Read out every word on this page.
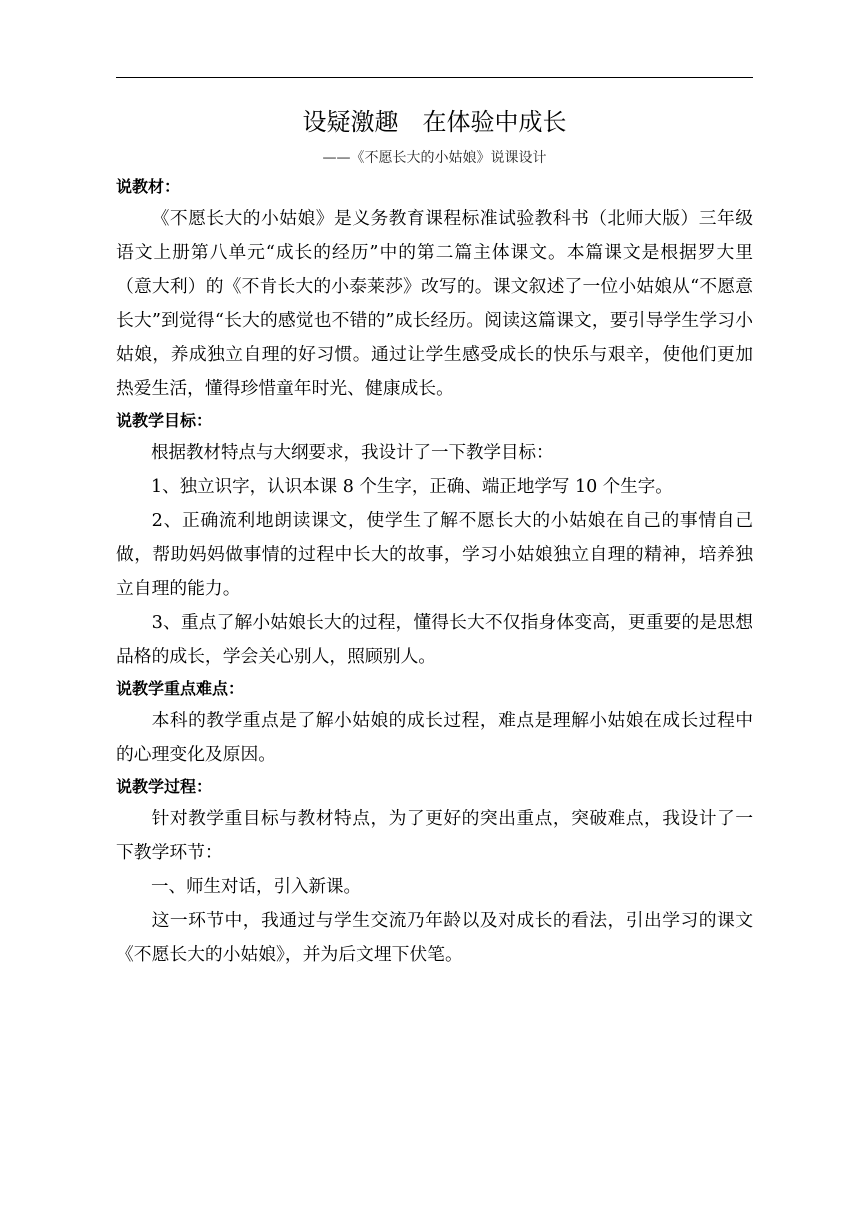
设疑激趣　在体验中成长
——《不愿长大的小姑娘》说课设计
说教材：

《不愿长大的小姑娘》是义务教育课程标准试验教科书（北师大版）三年级语文上册第八单元“成长的经历”中的第二篇主体课文。本篇课文是根据罗大里（意大利）的《不肯长大的小泰莱莎》改写的。课文叙述了一位小姑娘从“不愿意长大”到觉得“长大的感觉也不错的”成长经历。阅读这篇课文，要引导学生学习小姑娘，养成独立自理的好习惯。通过让学生感受成长的快乐与艰辛，使他们更加热爱生活，懂得珍惜童年时光、健康成长。

说教学目标：

根据教材特点与大纲要求，我设计了一下教学目标：

1、独立识字，认识本课 8 个生字，正确、端正地学写 10 个生字。

2、正确流利地朗读课文，使学生了解不愿长大的小姑娘在自己的事情自己做，帮助妈妈做事情的过程中长大的故事，学习小姑娘独立自理的精神，培养独立自理的能力。

3、重点了解小姑娘长大的过程，懂得长大不仅指身体变高，更重要的是思想品格的成长，学会关心别人，照顾别人。

说教学重点难点：

本科的教学重点是了解小姑娘的成长过程，难点是理解小姑娘在成长过程中的心理变化及原因。

说教学过程：

针对教学重目标与教材特点，为了更好的突出重点，突破难点，我设计了一下教学环节：

一、师生对话，引入新课。

这一环节中，我通过与学生交流乃年龄以及对成长的看法，引出学习的课文《不愿长大的小姑娘》，并为后文埋下伏笔。
